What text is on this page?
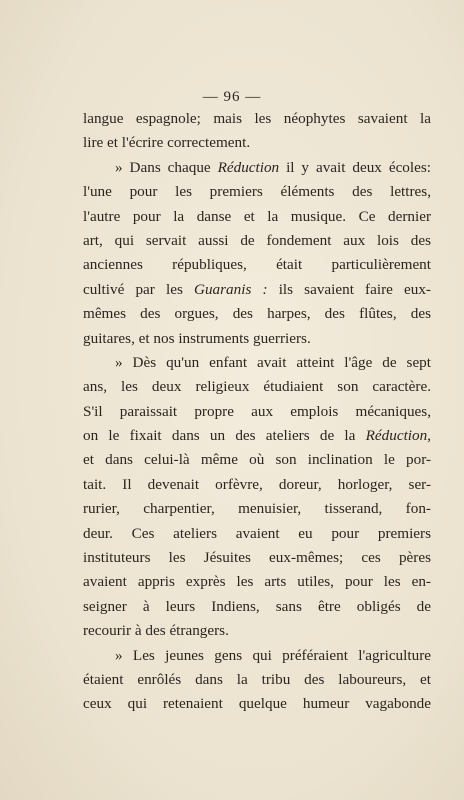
— 96 —
langue espagnole; mais les néophytes savaient la
lire et l'écrire correctement.
» Dans chaque Réduction il y avait deux écoles:
l'une pour les premiers éléments des lettres,
l'autre pour la danse et la musique. Ce dernier
art, qui servait aussi de fondement aux lois des
anciennes républiques, était particulièrement
cultivé par les Guaranis : ils savaient faire eux-
mêmes des orgues, des harpes, des flûtes, des
guitares, et nos instruments guerriers.
» Dès qu'un enfant avait atteint l'âge de sept
ans, les deux religieux étudiaient son caractère.
S'il paraissait propre aux emplois mécaniques,
on le fixait dans un des ateliers de la Réduction,
et dans celui-là même où son inclination le por-
tait. Il devenait orfèvre, doreur, horloger, ser-
rurier, charpentier, menuisier, tisserand, fon-
deur. Ces ateliers avaient eu pour premiers
instituteurs les Jésuites eux-mêmes; ces pères
avaient appris exprès les arts utiles, pour les en-
seigner à leurs Indiens, sans être obligés de
recourir à des étrangers.
» Les jeunes gens qui préféraient l'agriculture
étaient enrôlés dans la tribu des laboureurs, et
ceux qui retenaient quelque humeur vagabonde
